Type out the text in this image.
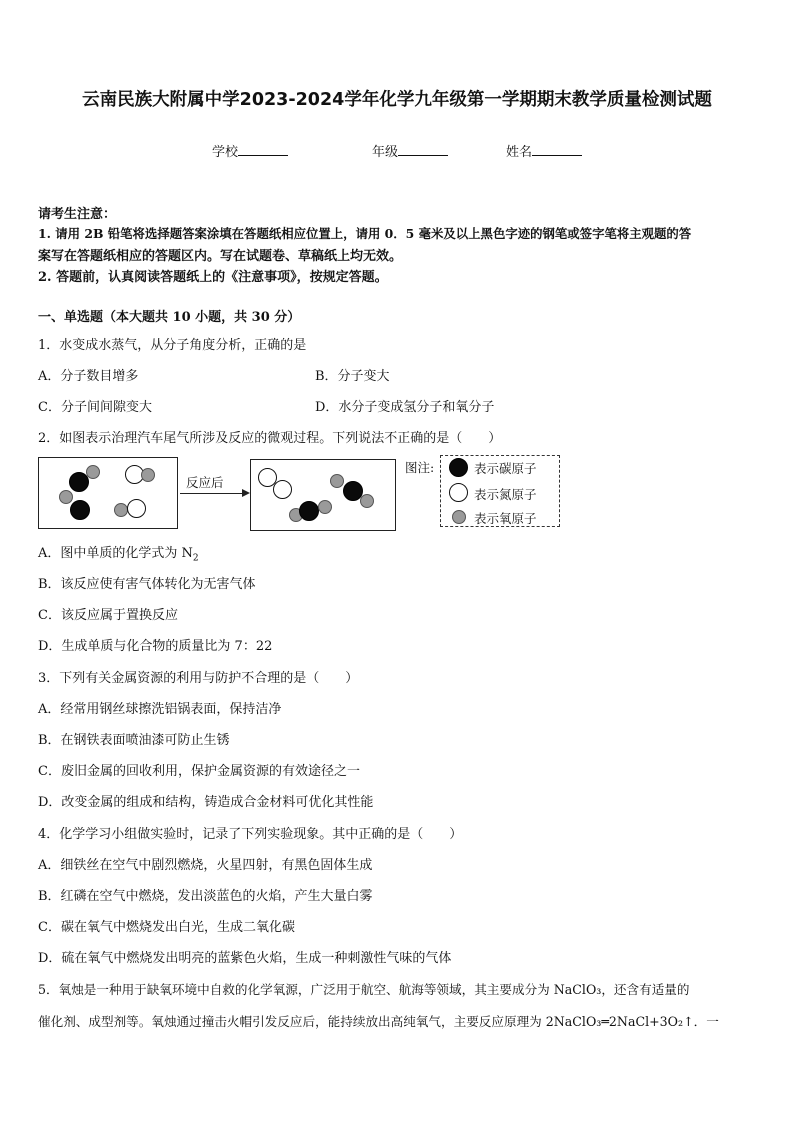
云南民族大附属中学2023-2024学年化学九年级第一学期期末教学质量检测试题
学校	年级	姓名
请考生注意：
1. 请用 2B 铅笔将选择题答案涂填在答题纸相应位置上，请用 0．5 毫米及以上黑色字迹的钢笔或签字笔将主观题的答
案写在答题纸相应的答题区内。写在试题卷、草稿纸上均无效。
2. 答题前，认真阅读答题纸上的《注意事项》，按规定答题。
一、单选题（本大题共 10 小题，共 30 分）
1．水变成水蒸气，从分子角度分析，正确的是
A．分子数目增多	B．分子变大
C．分子间间隙变大	D．水分子变成氢分子和氧分子
2．如图表示治理汽车尾气所涉及反应的微观过程。下列说法不正确的是（　　）
反应后
图注:	表示碳原子
表示氮原子
表示氧原子
A．图中单质的化学式为 $N_2$
B．该反应使有害气体转化为无害气体
C．该反应属于置换反应
D．生成单质与化合物的质量比为 7：22
3．下列有关金属资源的利用与防护不合理的是（　　）
A．经常用钢丝球擦洗铝锅表面，保持洁净
B．在钢铁表面喷油漆可防止生锈
C．废旧金属的回收利用，保护金属资源的有效途径之一
D．改变金属的组成和结构，铸造成合金材料可优化其性能
4．化学学习小组做实验时，记录了下列实验现象。其中正确的是（　　）
A．细铁丝在空气中剧烈燃烧，火星四射，有黑色固体生成
B．红磷在空气中燃烧，发出淡蓝色的火焰，产生大量白雾
C．碳在氧气中燃烧发出白光，生成二氧化碳
D．硫在氧气中燃烧发出明亮的蓝紫色火焰，生成一种刺激性气味的气体
5．氧烛是一种用于缺氧环境中自救的化学氧源，广泛用于航空、航海等领域，其主要成分为 NaClO₃，还含有适量的
催化剂、成型剂等。氧烛通过撞击火帽引发反应后，能持续放出高纯氧气，主要反应原理为 2NaClO₃═2NaCl+3O₂↑．一
